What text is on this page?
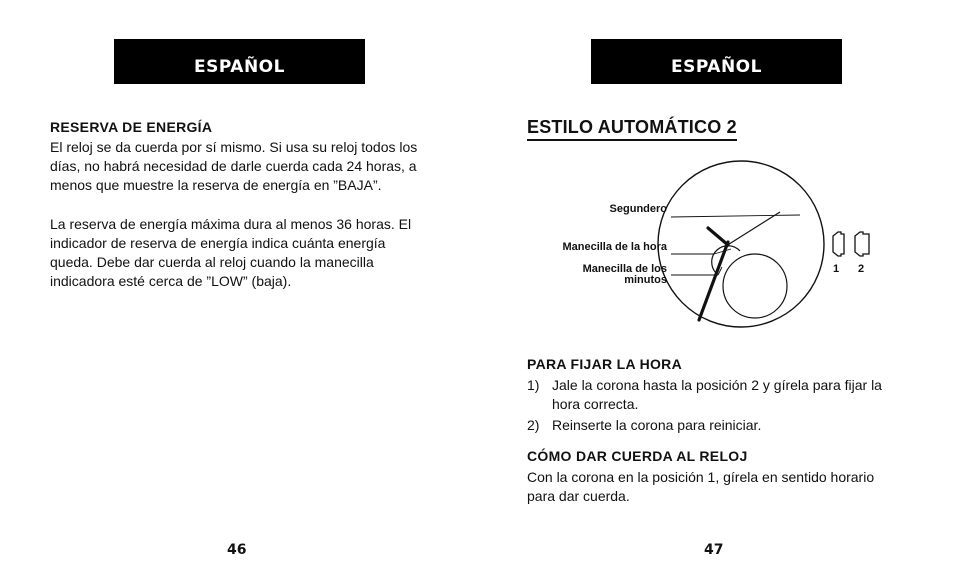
ESPAÑOL
RESERVA DE ENERGÍA

El reloj se da cuerda por sí mismo. Si usa su reloj todos los días, no habrá necesidad de darle cuerda cada 24 horas, a menos que muestre la reserva de energía en ”BAJA”.

La reserva de energía máxima dura al menos 36 horas. El indicador de reserva de energía indica cuánta energía queda. Debe dar cuerda al reloj cuando la manecilla indicadora esté cerca de ”LOW” (baja).

46
ESPAÑOL
ESTILO AUTOMÁTICO 2
Segundero
Manecilla de la hora
Manecilla de los
minutos
1 2
PARA FIJAR LA HORA
1) Jale la corona hasta la posición 2 y gírela para fijar la hora correcta.
2) Reinserte la corona para reiniciar.
CÓMO DAR CUERDA AL RELOJ

Con la corona en la posición 1, gírela en sentido horario para dar cuerda.

47
